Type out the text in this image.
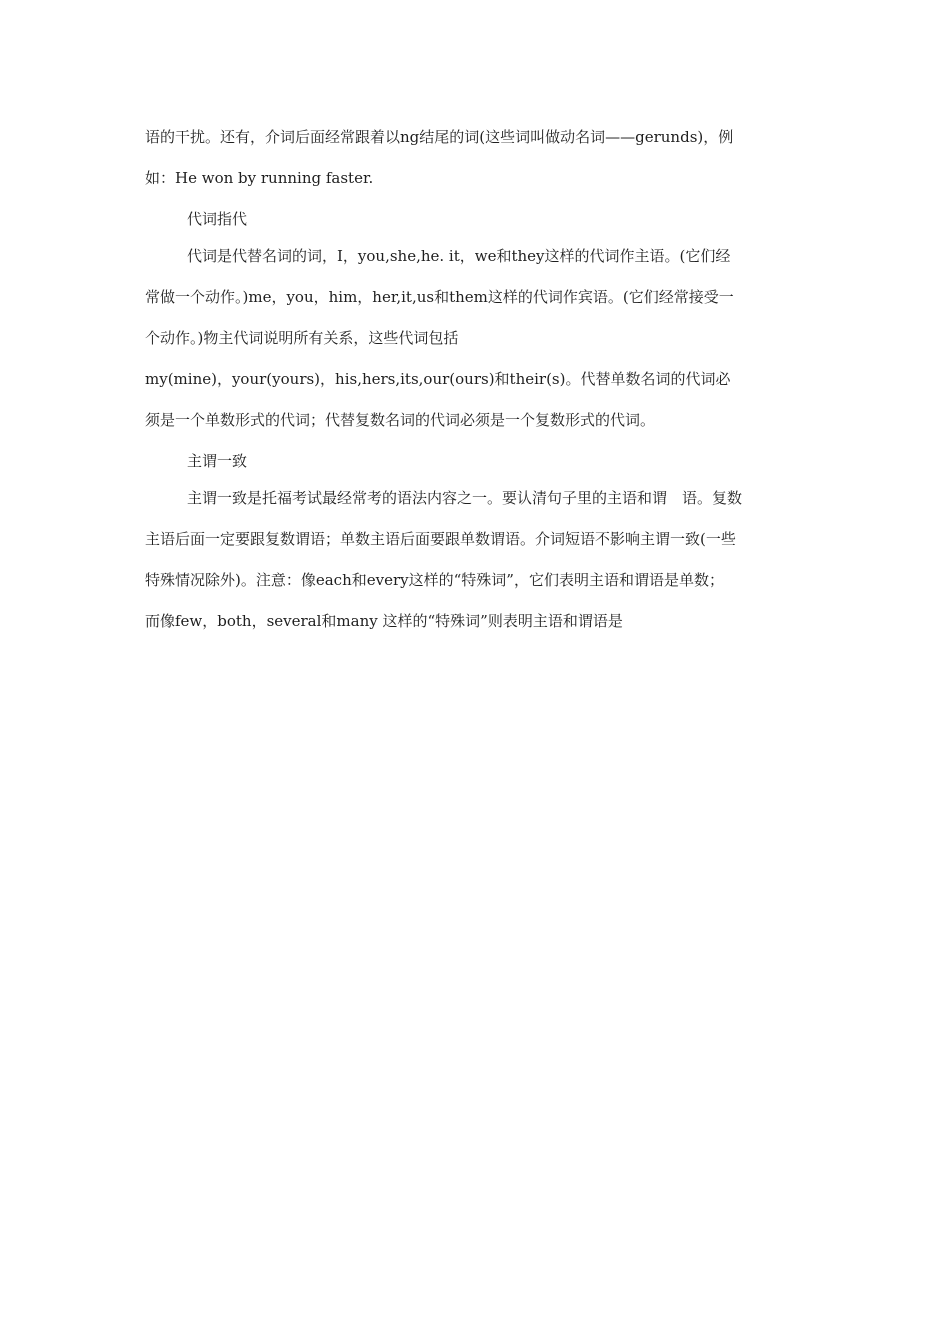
语的干扰。还有，介词后面经常跟着以ng结尾的词(这些词叫做动名词——gerunds)，例
如：He won by running faster.
代词指代
代词是代替名词的词，I，you,she,he. it，we和they这样的代词作主语。(它们经
常做一个动作。)me，you，him，her,it,us和them这样的代词作宾语。(它们经常接受一
个动作。)物主代词说明所有关系，这些代词包括
my(mine)，your(yours)，his,hers,its,our(ours)和their(s)。代替单数名词的代词必
须是一个单数形式的代词；代替复数名词的代词必须是一个复数形式的代词。
主谓一致
主谓一致是托福考试最经常考的语法内容之一。要认清句子里的主语和谓　语。复数
主语后面一定要跟复数谓语；单数主语后面要跟单数谓语。介词短语不影响主谓一致(一些
特殊情况除外)。注意：像each和every这样的“特殊词”，它们表明主语和谓语是单数；
而像few，both，several和many 这样的“特殊词”则表明主语和谓语是
